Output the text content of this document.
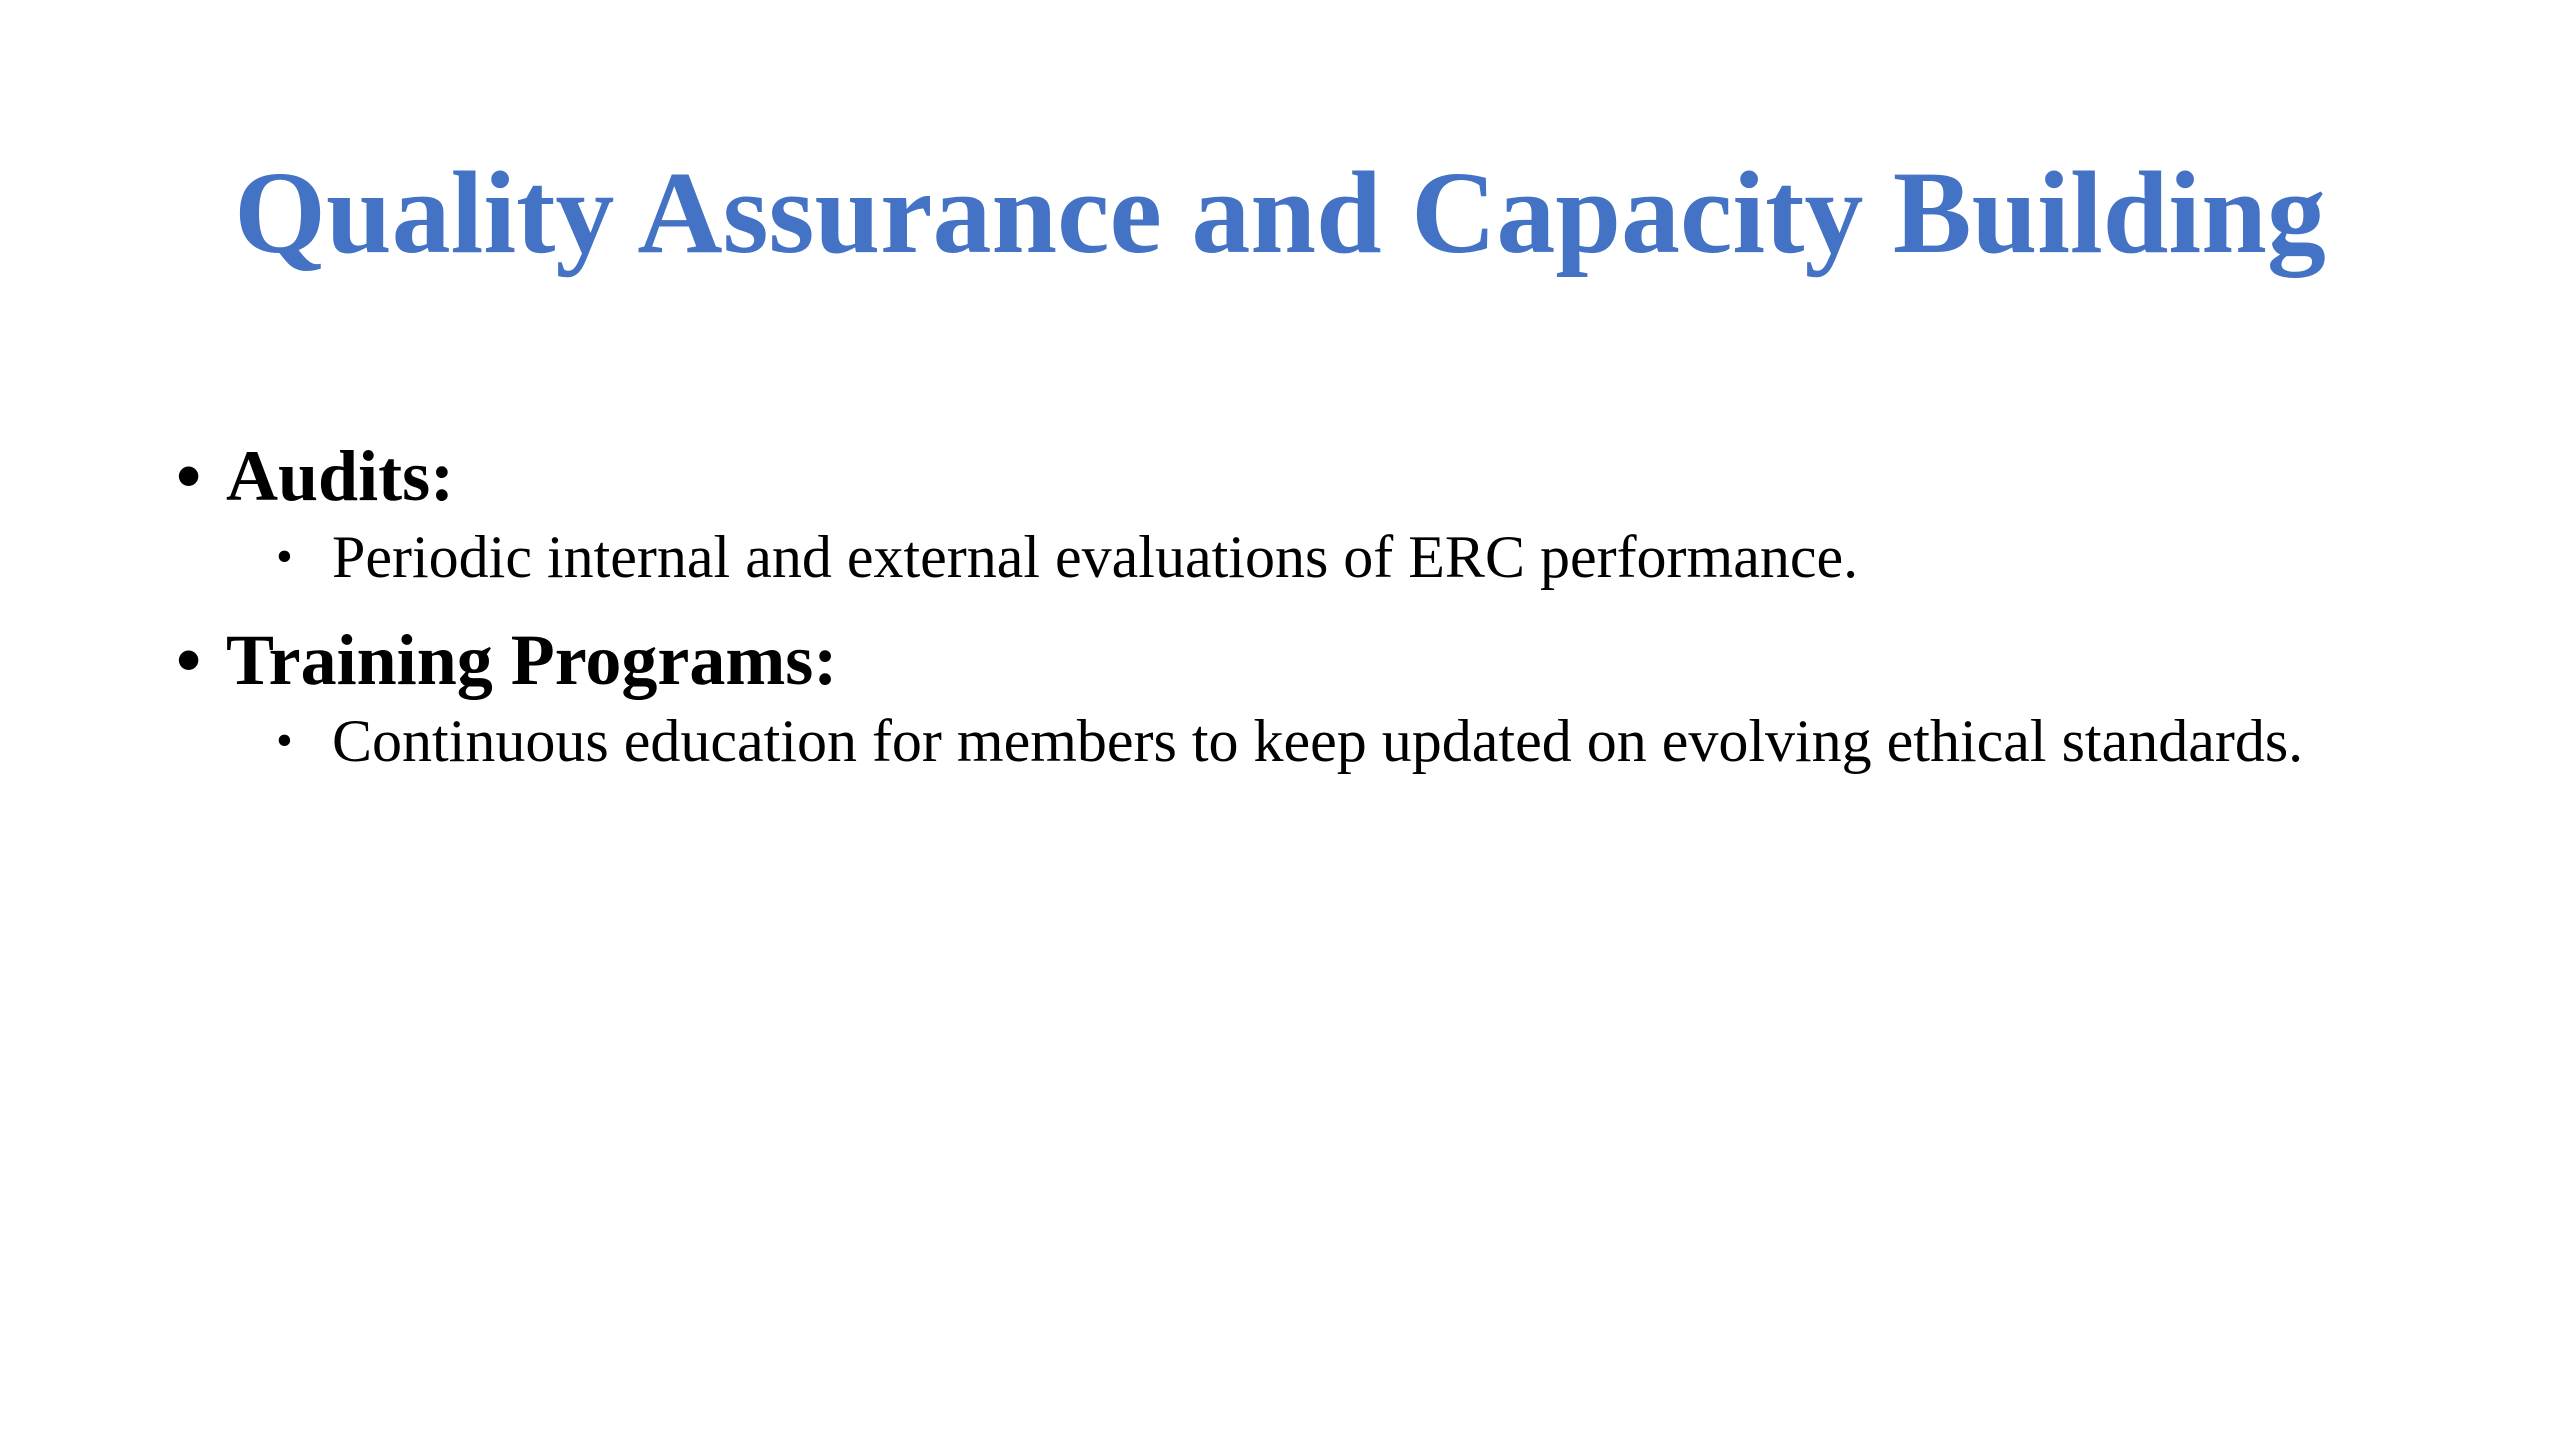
Quality Assurance and Capacity Building
• Audits:
• Periodic internal and external evaluations of ERC performance.
• Training Programs:
• Continuous education for members to keep updated on evolving ethical standards.
